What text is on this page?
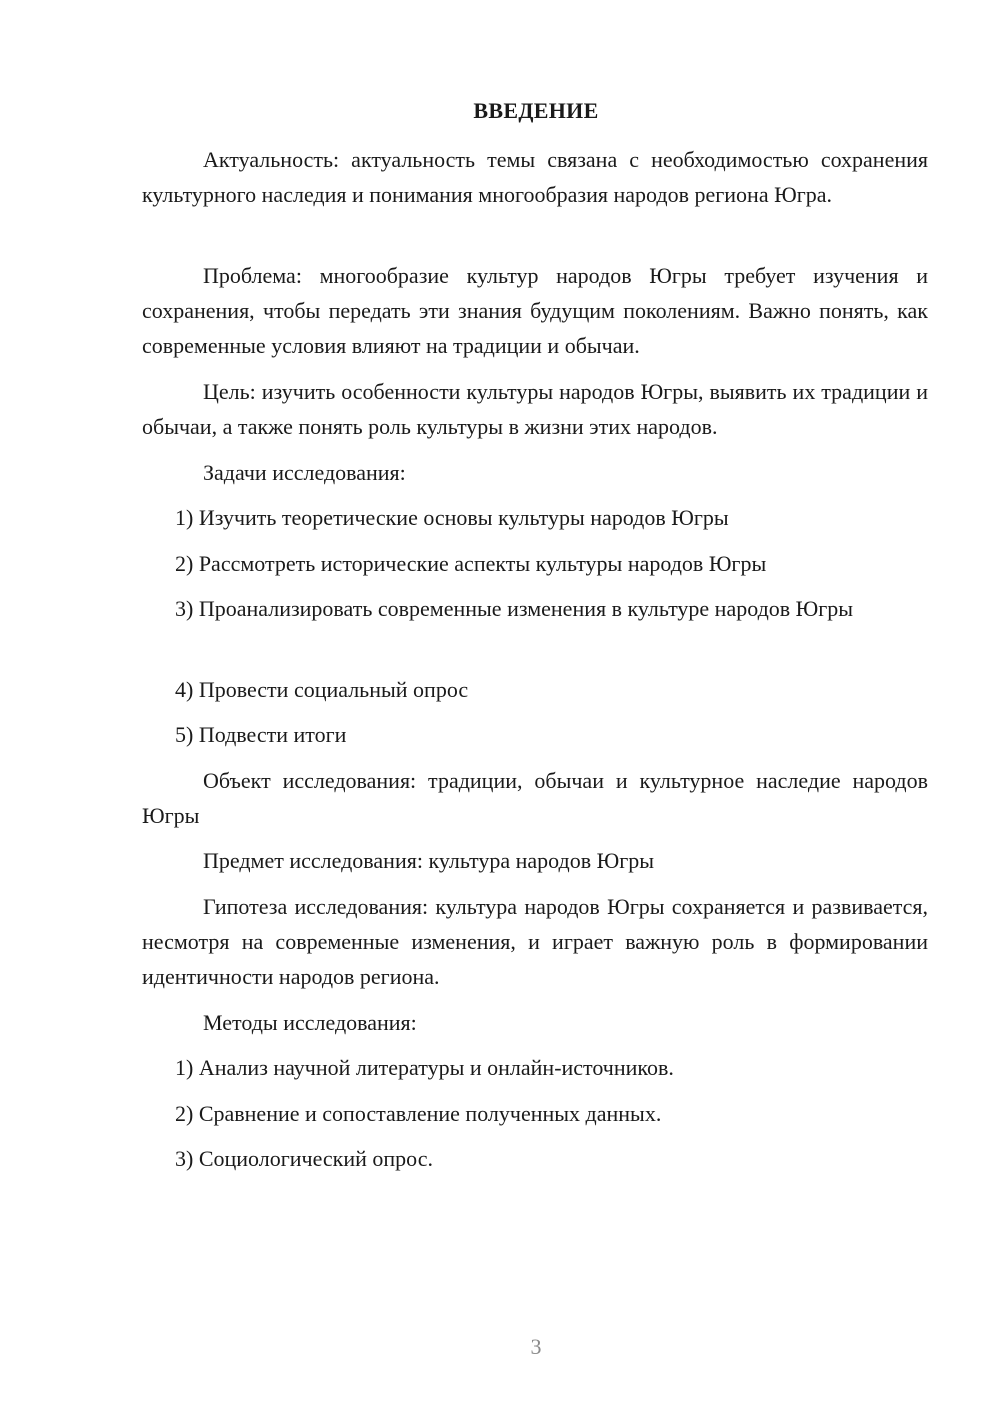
ВВЕДЕНИЕ

Актуальность: актуальность темы связана с необходимостью сохранения культурного наследия и понимания многообразия народов региона Югра.

Проблема: многообразие культур народов Югры требует изучения и сохранения, чтобы передать эти знания будущим поколениям. Важно понять, как современные условия влияют на традиции и обычаи.

Цель: изучить особенности культуры народов Югры, выявить их традиции и обычаи, а также понять роль культуры в жизни этих народов.

Задачи исследования:

1) Изучить теоретические основы культуры народов Югры

2) Рассмотреть исторические аспекты культуры народов Югры

3) Проанализировать современные изменения в культуре народов Югры

4) Провести социальный опрос

5) Подвести итоги

Объект исследования: традиции, обычаи и культурное наследие народов Югры

Предмет исследования: культура народов Югры

Гипотеза исследования: культура народов Югры сохраняется и развивается, несмотря на современные изменения, и играет важную роль в формировании идентичности народов региона.

Методы исследования:

1) Анализ научной литературы и онлайн-источников.

2) Сравнение и сопоставление полученных данных.

3) Социологический опрос.

3
